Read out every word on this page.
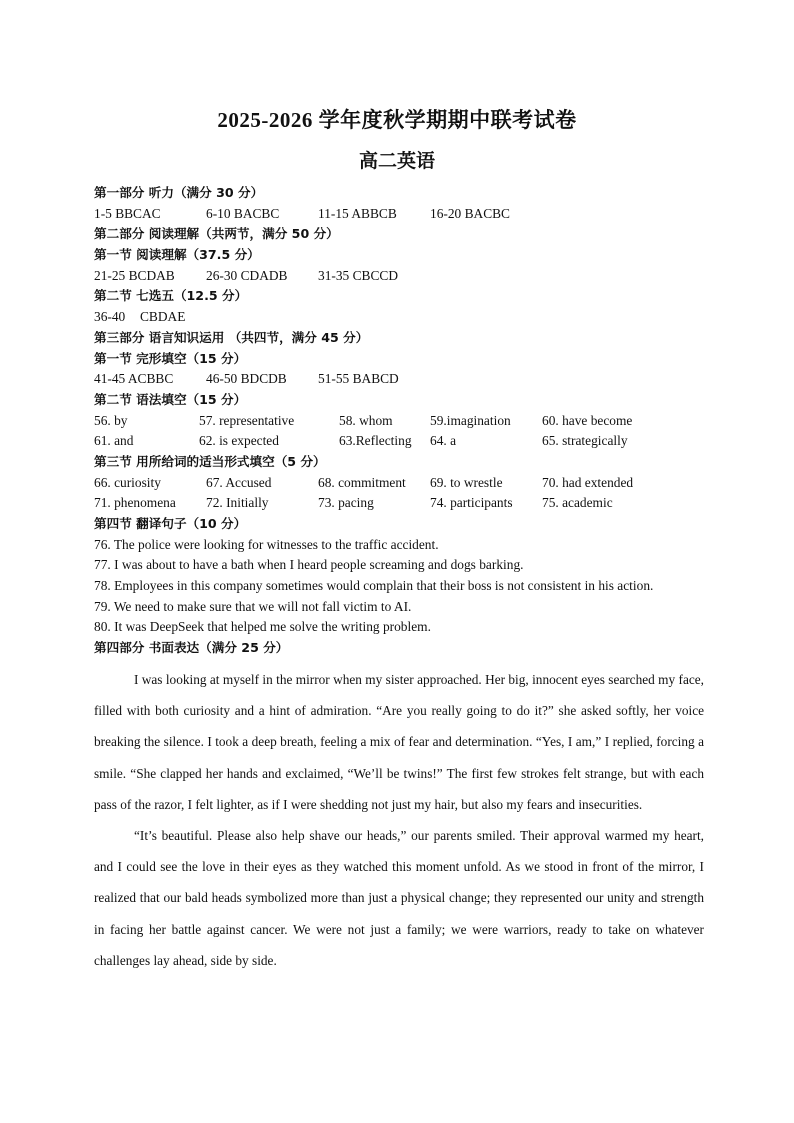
2025-2026 学年度秋学期期中联考试卷
高二英语
第一部分 听力（满分 30 分）
1-5 BBCAC	6-10 BACBC	11-15 ABBCB 16-20 BACBC
第二部分 阅读理解（共两节，满分 50 分）
第一节 阅读理解（37.5 分）
21-25 BCDAB 26-30 CDADB 31-35 CBCCD
第二节 七选五（12.5 分）
36-40 CBDAE
第三部分 语言知识运用 （共四节，满分 45 分）
第一节 完形填空（15 分）
41-45 ACBBC 46-50 BDCDB 51-55 BABCD
第二节 语法填空（15 分）
56. by	57. representative	58. whom	59.imagination 60. have become
61. and	62. is expected	63.Reflecting 64. a	65. strategically
第三节 用所给词的适当形式填空（5 分）
66. curiosity	67. Accused	68. commitment 69. to wrestle	70. had extended
71. phenomena 72. Initially	73. pacing	74. participants 75. academic
第四节 翻译句子（10 分）
76. The police were looking for witnesses to the traffic accident.
77. I was about to have a bath when I heard people screaming and dogs barking.
78. Employees in this company sometimes would complain that their boss is not consistent in his action.
79. We need to make sure that we will not fall victim to AI.
80. It was DeepSeek that helped me solve the writing problem.
第四部分 书面表达（满分 25 分）

I was looking at myself in the mirror when my sister approached. Her big, innocent eyes searched my face, filled with both curiosity and a hint of admiration. “Are you really going to do it?” she asked softly, her voice breaking the silence. I took a deep breath, feeling a mix of fear and determination. “Yes, I am,” I replied, forcing a smile. “She clapped her hands and exclaimed, “We’ll be twins!” The first few strokes felt strange, but with each pass of the razor, I felt lighter, as if I were shedding not just my hair, but also my fears and insecurities.

“It’s beautiful. Please also help shave our heads,” our parents smiled. Their approval warmed my heart, and I could see the love in their eyes as they watched this moment unfold. As we stood in front of the mirror, I realized that our bald heads symbolized more than just a physical change; they represented our unity and strength in facing her battle against cancer. We were not just a family; we were warriors, ready to take on whatever challenges lay ahead, side by side.
